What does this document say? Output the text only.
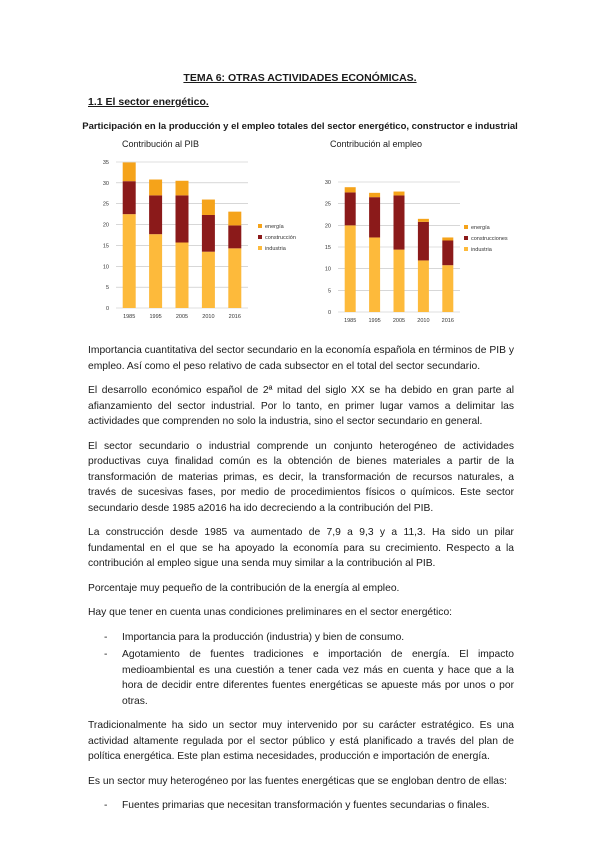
TEMA 6: OTRAS ACTIVIDADES ECONÓMICAS.
1.1 El sector energético.
Participación en la producción y el empleo totales del sector energético, constructor e industrial
Contribución al PIB
0
5
10
15
20
25
30
35
1985	1995	2005	2010	2016
energía
construcción
industria
Contribución al empleo
0
5
10
15
20
25
30
1985 1995 2005 2010 2016
energía
construcciones
industria

Importancia cuantitativa del sector secundario en la economía española en términos de PIB y empleo. Así como el peso relativo de cada subsector en el total del sector secundario.

El desarrollo económico español de 2ª mitad del siglo XX se ha debido en gran parte al afianzamiento del sector industrial. Por lo tanto, en primer lugar vamos a delimitar las actividades que comprenden no solo la industria, sino el sector secundario en general.

El sector secundario o industrial comprende un conjunto heterogéneo de actividades productivas cuya finalidad común es la obtención de bienes materiales a partir de la transformación de materias primas, es decir, la transformación de recursos naturales, a través de sucesivas fases, por medio de procedimientos físicos o químicos. Este sector secundario desde 1985 a2016 ha ido decreciendo a la contribución del PIB.

La construcción desde 1985 va aumentado de 7,9 a 9,3 y a 11,3. Ha sido un pilar fundamental en el que se ha apoyado la economía para su crecimiento. Respecto a la contribución al empleo sigue una senda muy similar a la contribución al PIB.

Porcentaje muy pequeño de la contribución de la energía al empleo.

Hay que tener en cuenta unas condiciones preliminares en el sector energético:

- Importancia para la producción (industria) y bien de consumo.
- Agotamiento de fuentes tradiciones e importación de energía. El impacto medioambiental es una cuestión a tener cada vez más en cuenta y hace que a la hora de decidir entre diferentes fuentes energéticas se apueste más por unos o por otras.

Tradicionalmente ha sido un sector muy intervenido por su carácter estratégico. Es una actividad altamente regulada por el sector público y está planificado a través del plan de política energética. Este plan estima necesidades, producción e importación de energía.

Es un sector muy heterogéneo por las fuentes energéticas que se engloban dentro de ellas:

- Fuentes primarias que necesitan transformación y fuentes secundarias o finales.
